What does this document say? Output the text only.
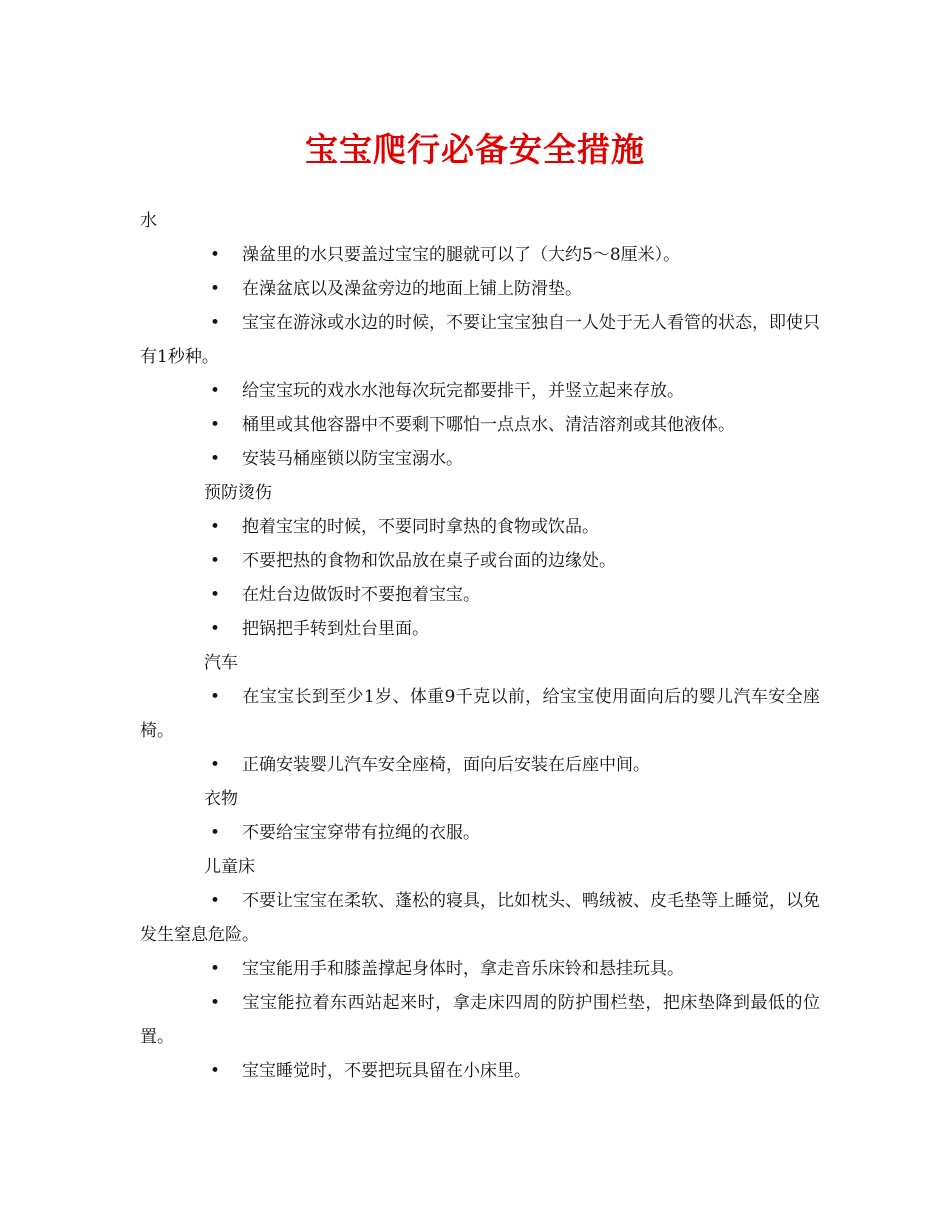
宝宝爬行必备安全措施

水

• 澡盆里的水只要盖过宝宝的腿就可以了（大约5～8厘米）。

• 在澡盆底以及澡盆旁边的地面上铺上防滑垫。

• 宝宝在游泳或水边的时候，不要让宝宝独自一人处于无人看管的状态，即使只有1秒种。

• 给宝宝玩的戏水水池每次玩完都要排干，并竖立起来存放。

• 桶里或其他容器中不要剩下哪怕一点点水、清洁溶剂或其他液体。

• 安装马桶座锁以防宝宝溺水。

预防烫伤

• 抱着宝宝的时候，不要同时拿热的食物或饮品。

• 不要把热的食物和饮品放在桌子或台面的边缘处。

• 在灶台边做饭时不要抱着宝宝。

• 把锅把手转到灶台里面。

汽车

• 在宝宝长到至少1岁、体重9千克以前，给宝宝使用面向后的婴儿汽车安全座椅。

• 正确安装婴儿汽车安全座椅，面向后安装在后座中间。

衣物

• 不要给宝宝穿带有拉绳的衣服。

儿童床

• 不要让宝宝在柔软、蓬松的寝具，比如枕头、鸭绒被、皮毛垫等上睡觉，以免发生窒息危险。

• 宝宝能用手和膝盖撑起身体时，拿走音乐床铃和悬挂玩具。

• 宝宝能拉着东西站起来时，拿走床四周的防护围栏垫，把床垫降到最低的位置。

• 宝宝睡觉时，不要把玩具留在小床里。
